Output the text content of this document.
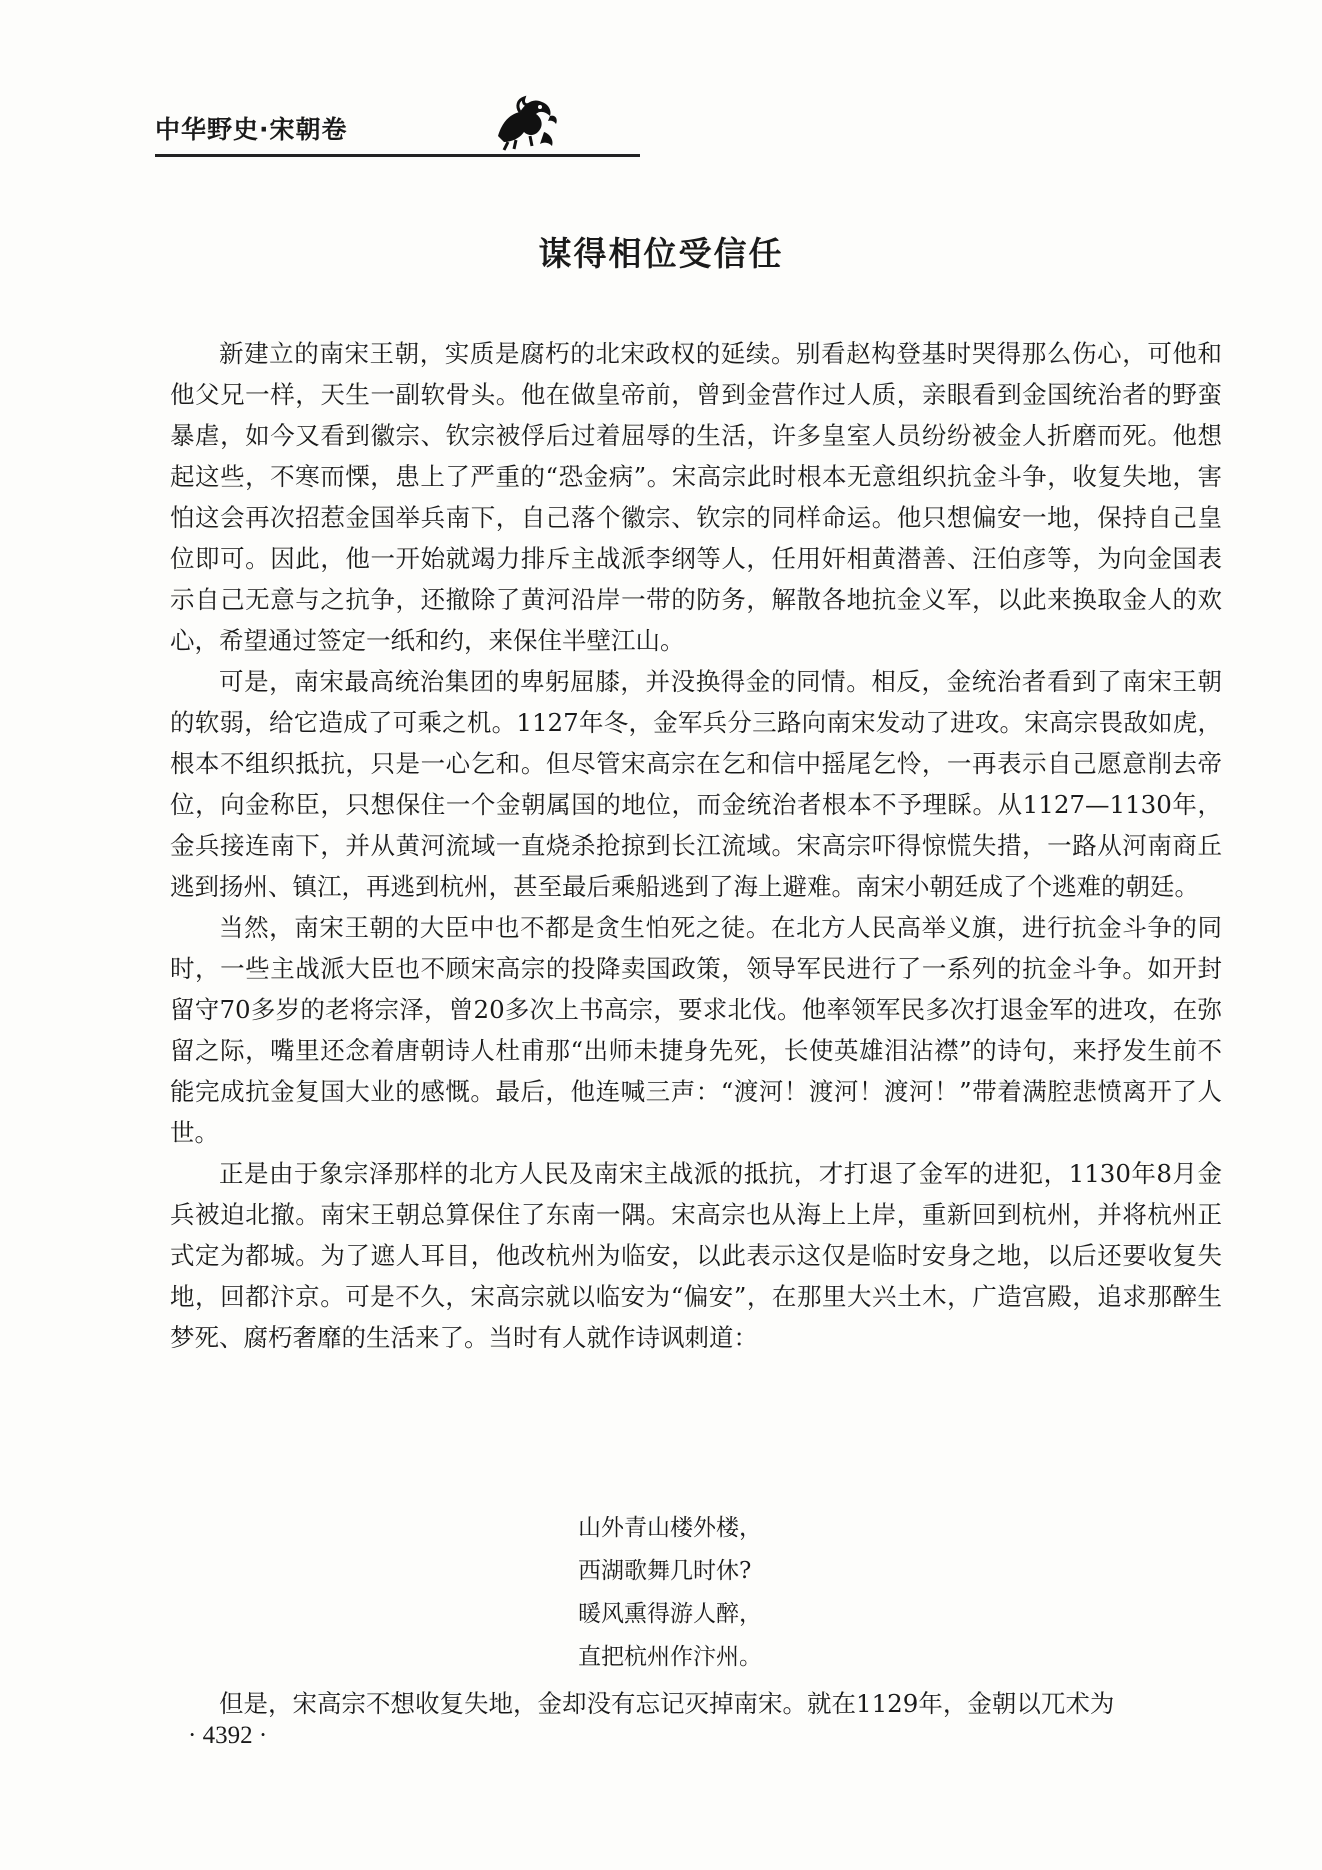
中华野史·宋朝卷
谋得相位受信任

新建立的南宋王朝，实质是腐朽的北宋政权的延续。别看赵构登基时哭得那么伤心，可他和他父兄一样，天生一副软骨头。他在做皇帝前，曾到金营作过人质，亲眼看到金国统治者的野蛮暴虐，如今又看到徽宗、钦宗被俘后过着屈辱的生活，许多皇室人员纷纷被金人折磨而死。他想起这些，不寒而慄，患上了严重的“恐金病”。宋高宗此时根本无意组织抗金斗争，收复失地，害怕这会再次招惹金国举兵南下，自己落个徽宗、钦宗的同样命运。他只想偏安一地，保持自己皇位即可。因此，他一开始就竭力排斥主战派李纲等人，任用奸相黄潜善、汪伯彦等，为向金国表示自己无意与之抗争，还撤除了黄河沿岸一带的防务，解散各地抗金义军，以此来换取金人的欢心，希望通过签定一纸和约，来保住半壁江山。

可是，南宋最高统治集团的卑躬屈膝，并没换得金的同情。相反，金统治者看到了南宋王朝的软弱，给它造成了可乘之机。1127年冬，金军兵分三路向南宋发动了进攻。宋高宗畏敌如虎，根本不组织抵抗，只是一心乞和。但尽管宋高宗在乞和信中摇尾乞怜，一再表示自己愿意削去帝位，向金称臣，只想保住一个金朝属国的地位，而金统治者根本不予理睬。从1127—1130年，金兵接连南下，并从黄河流域一直烧杀抢掠到长江流域。宋高宗吓得惊慌失措，一路从河南商丘逃到扬州、镇江，再逃到杭州，甚至最后乘船逃到了海上避难。南宋小朝廷成了个逃难的朝廷。

当然，南宋王朝的大臣中也不都是贪生怕死之徒。在北方人民高举义旗，进行抗金斗争的同时，一些主战派大臣也不顾宋高宗的投降卖国政策，领导军民进行了一系列的抗金斗争。如开封留守70多岁的老将宗泽，曾20多次上书高宗，要求北伐。他率领军民多次打退金军的进攻，在弥留之际，嘴里还念着唐朝诗人杜甫那“出师未捷身先死，长使英雄泪沾襟”的诗句，来抒发生前不能完成抗金复国大业的感慨。最后，他连喊三声：“渡河！渡河！渡河！”带着满腔悲愤离开了人世。

正是由于象宗泽那样的北方人民及南宋主战派的抵抗，才打退了金军的进犯，1130年8月金兵被迫北撤。南宋王朝总算保住了东南一隅。宋高宗也从海上上岸，重新回到杭州，并将杭州正式定为都城。为了遮人耳目，他改杭州为临安，以此表示这仅是临时安身之地，以后还要收复失地，回都汴京。可是不久，宋高宗就以临安为“偏安”，在那里大兴土木，广造宫殿，追求那醉生梦死、腐朽奢靡的生活来了。当时有人就作诗讽刺道：

山外青山楼外楼，
西湖歌舞几时休?
暖风熏得游人醉，
直把杭州作汴州。
但是，宋高宗不想收复失地，金却没有忘记灭掉南宋。就在1129年，金朝以兀术为
· 4392 ·
